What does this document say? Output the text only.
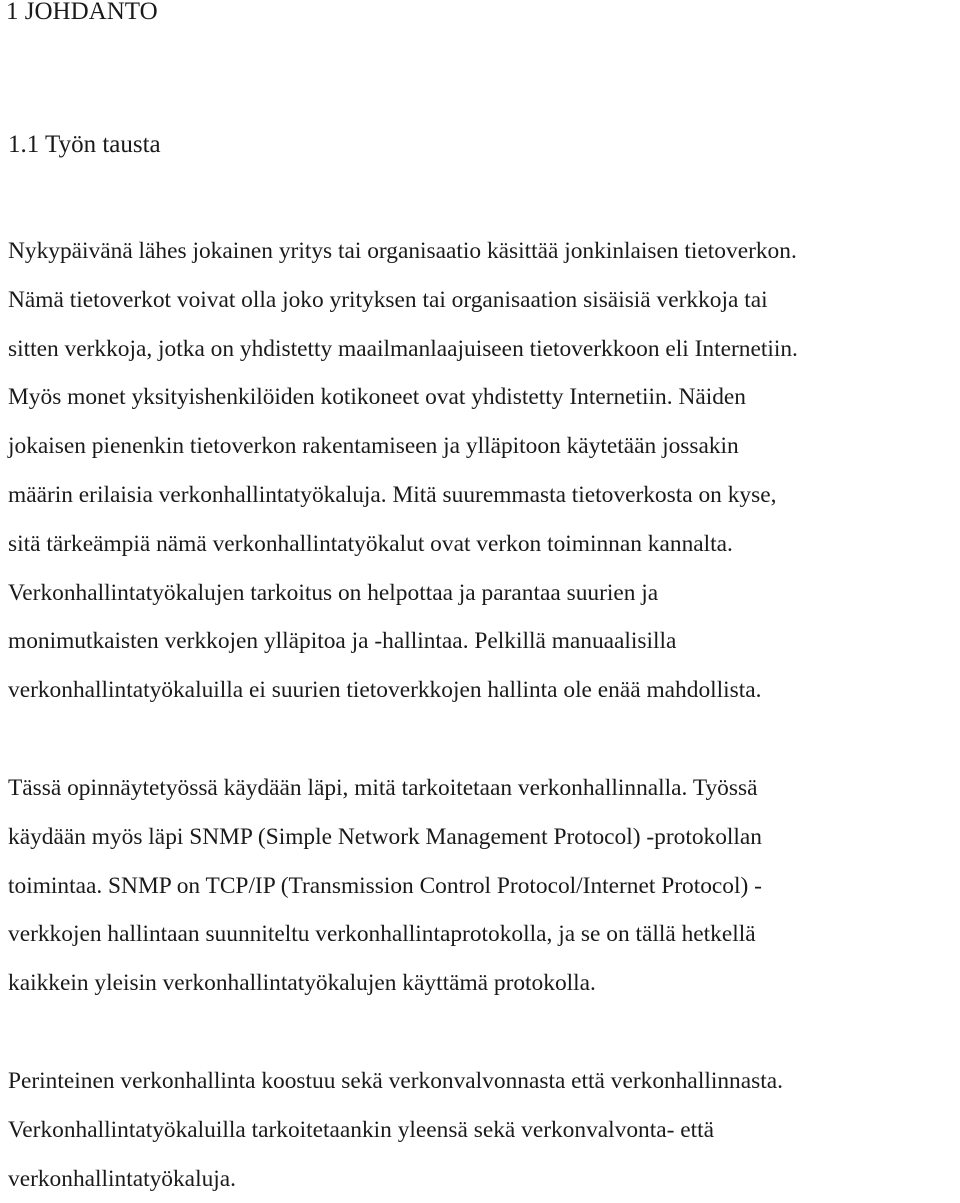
1 JOHDANTO
1.1 Työn tausta
Nykypäivänä lähes jokainen yritys tai organisaatio käsittää jonkinlaisen tietoverkon.
Nämä tietoverkot voivat olla joko yrityksen tai organisaation sisäisiä verkkoja tai
sitten verkkoja, jotka on yhdistetty maailmanlaajuiseen tietoverkkoon eli Internetiin.
Myös monet yksityishenkilöiden kotikoneet ovat yhdistetty Internetiin. Näiden
jokaisen pienenkin tietoverkon rakentamiseen ja ylläpitoon käytetään jossakin
määrin erilaisia verkonhallintatyökaluja. Mitä suuremmasta tietoverkosta on kyse,
sitä tärkeämpiä nämä verkonhallintatyökalut ovat verkon toiminnan kannalta.
Verkonhallintatyökalujen tarkoitus on helpottaa ja parantaa suurien ja
monimutkaisten verkkojen ylläpitoa ja -hallintaa. Pelkillä manuaalisilla
verkonhallintatyökaluilla ei suurien tietoverkkojen hallinta ole enää mahdollista.
Tässä opinnäytetyössä käydään läpi, mitä tarkoitetaan verkonhallinnalla. Työssä
käydään myös läpi SNMP (Simple Network Management Protocol) -protokollan
toimintaa. SNMP on TCP/IP (Transmission Control Protocol/Internet Protocol) -
verkkojen hallintaan suunniteltu verkonhallintaprotokolla, ja se on tällä hetkellä
kaikkein yleisin verkonhallintatyökalujen käyttämä protokolla.
Perinteinen verkonhallinta koostuu sekä verkonvalvonnasta että verkonhallinnasta.
Verkonhallintatyökaluilla tarkoitetaankin yleensä sekä verkonvalvonta- että
verkonhallintatyökaluja.
